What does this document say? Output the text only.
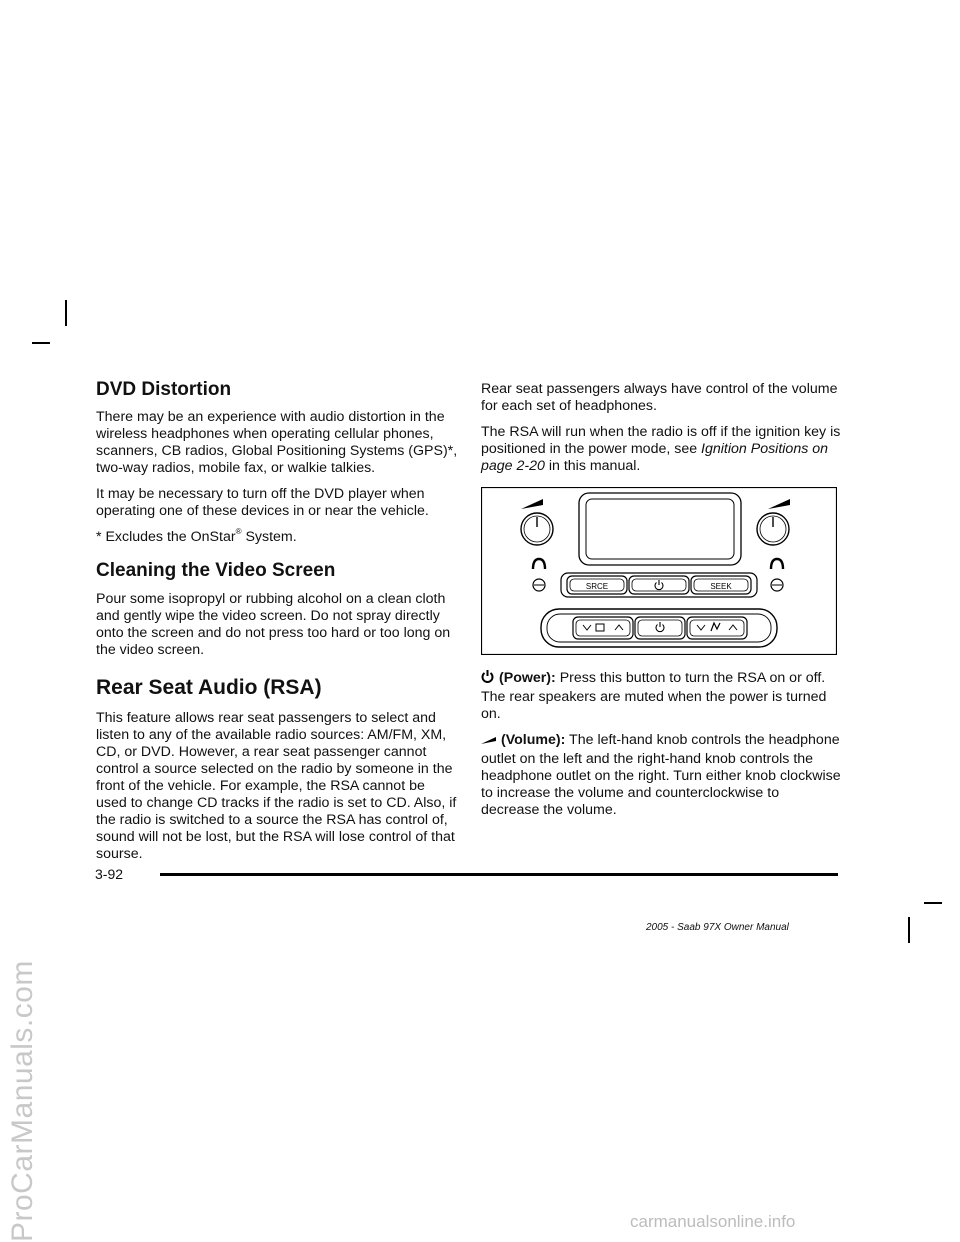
ProCarManuals.com
DVD Distortion

There may be an experience with audio distortion in the wireless headphones when operating cellular phones, scanners, CB radios, Global Positioning Systems (GPS)*, two-way radios, mobile fax, or walkie talkies.

It may be necessary to turn off the DVD player when operating one of these devices in or near the vehicle.

* Excludes the OnStar® System.

Cleaning the Video Screen

Pour some isopropyl or rubbing alcohol on a clean cloth and gently wipe the video screen. Do not spray directly onto the screen and do not press too hard or too long on the video screen.

Rear Seat Audio (RSA)

This feature allows rear seat passengers to select and listen to any of the available radio sources: AM/FM, XM, CD, or DVD. However, a rear seat passenger cannot control a source selected on the radio by someone in the front of the vehicle. For example, the RSA cannot be used to change CD tracks if the radio is set to CD. Also, if the radio is switched to a source the RSA has control of, sound will not be lost, but the RSA will lose control of that sourse.

Rear seat passengers always have control of the volume for each set of headphones.

The RSA will run when the radio is off if the ignition key is positioned in the power mode, see Ignition Positions on page 2-20 in this manual.

SRCE	SEEK

(Power): Press this button to turn the RSA on or off. The rear speakers are muted when the power is turned on.

(Volume): The left-hand knob controls the headphone outlet on the left and the right-hand knob controls the headphone outlet on the right. Turn either knob clockwise to increase the volume and counterclockwise to decrease the volume.

3-92
2005 - Saab 97X Owner Manual
carmanualsonline.info
